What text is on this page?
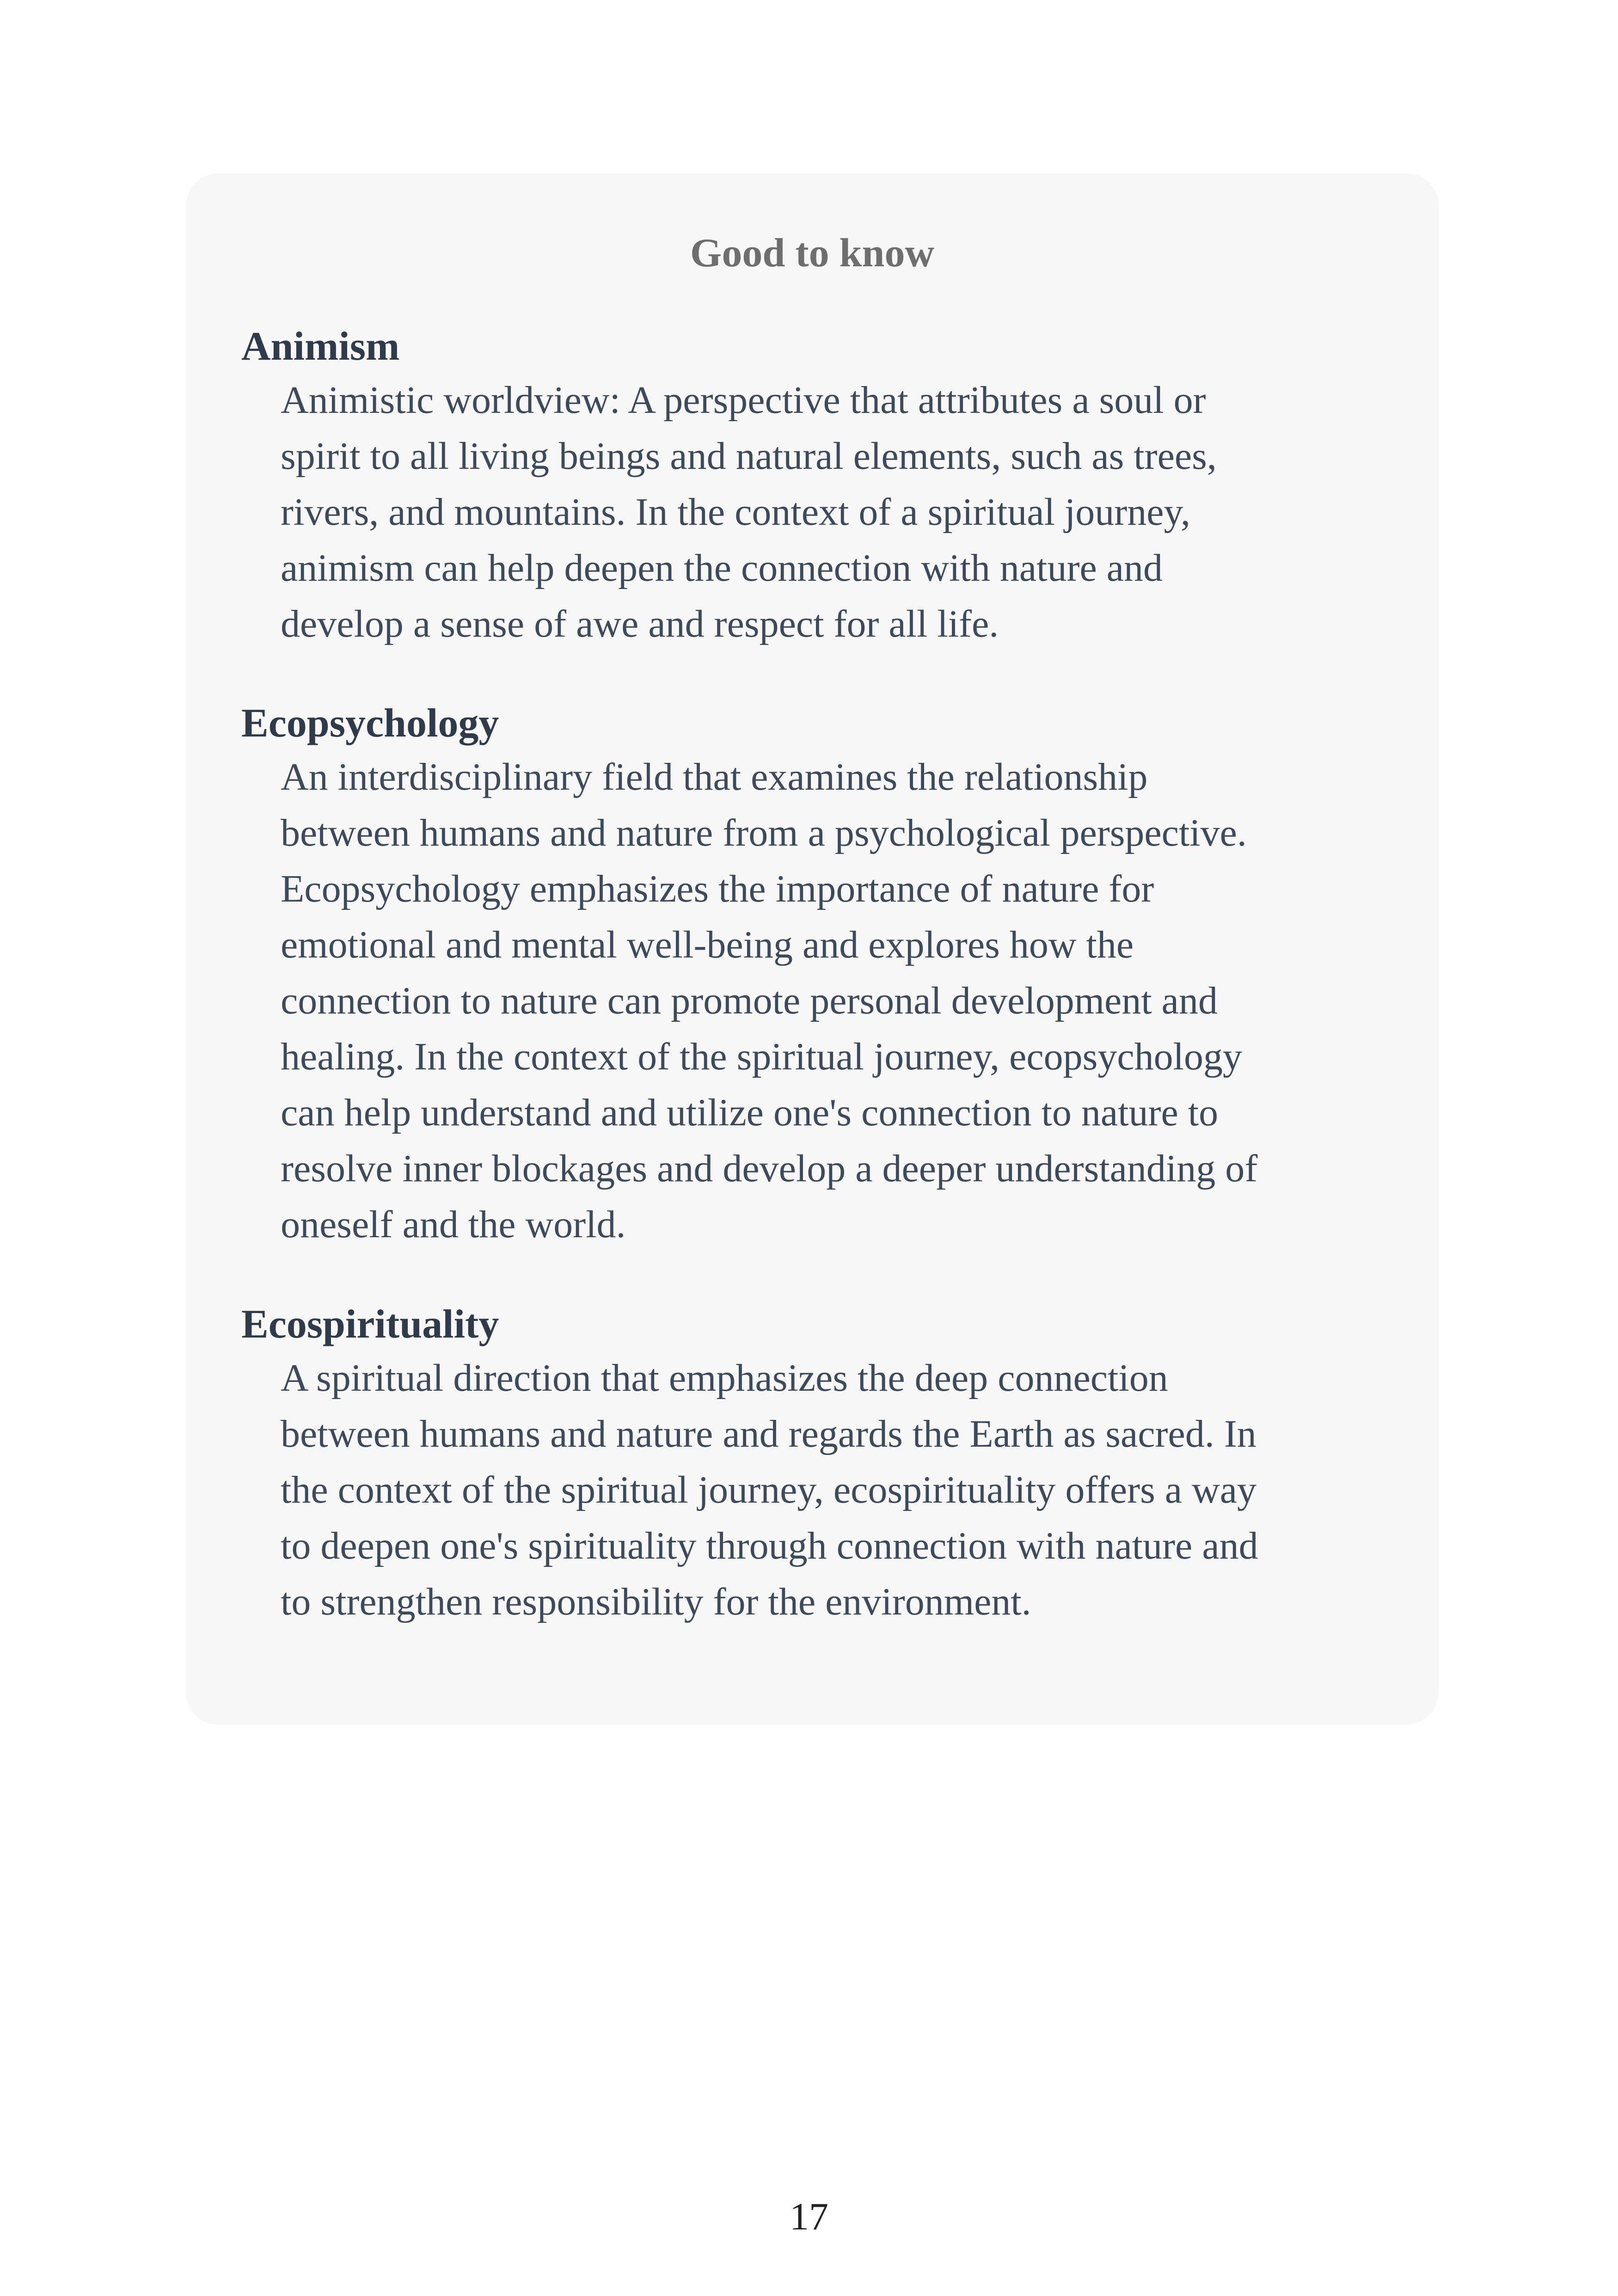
Good to know

Animism

Animistic worldview: A perspective that attributes a soul or
spirit to all living beings and natural elements, such as trees,
rivers, and mountains. In the context of a spiritual journey,
animism can help deepen the connection with nature and
develop a sense of awe and respect for all life.

Ecopsychology

An interdisciplinary field that examines the relationship
between humans and nature from a psychological perspective.
Ecopsychology emphasizes the importance of nature for
emotional and mental well-being and explores how the
connection to nature can promote personal development and
healing. In the context of the spiritual journey, ecopsychology
can help understand and utilize one's connection to nature to
resolve inner blockages and develop a deeper understanding of
oneself and the world.

Ecospirituality

A spiritual direction that emphasizes the deep connection
between humans and nature and regards the Earth as sacred. In
the context of the spiritual journey, ecospirituality offers a way
to deepen one's spirituality through connection with nature and
to strengthen responsibility for the environment.

17
